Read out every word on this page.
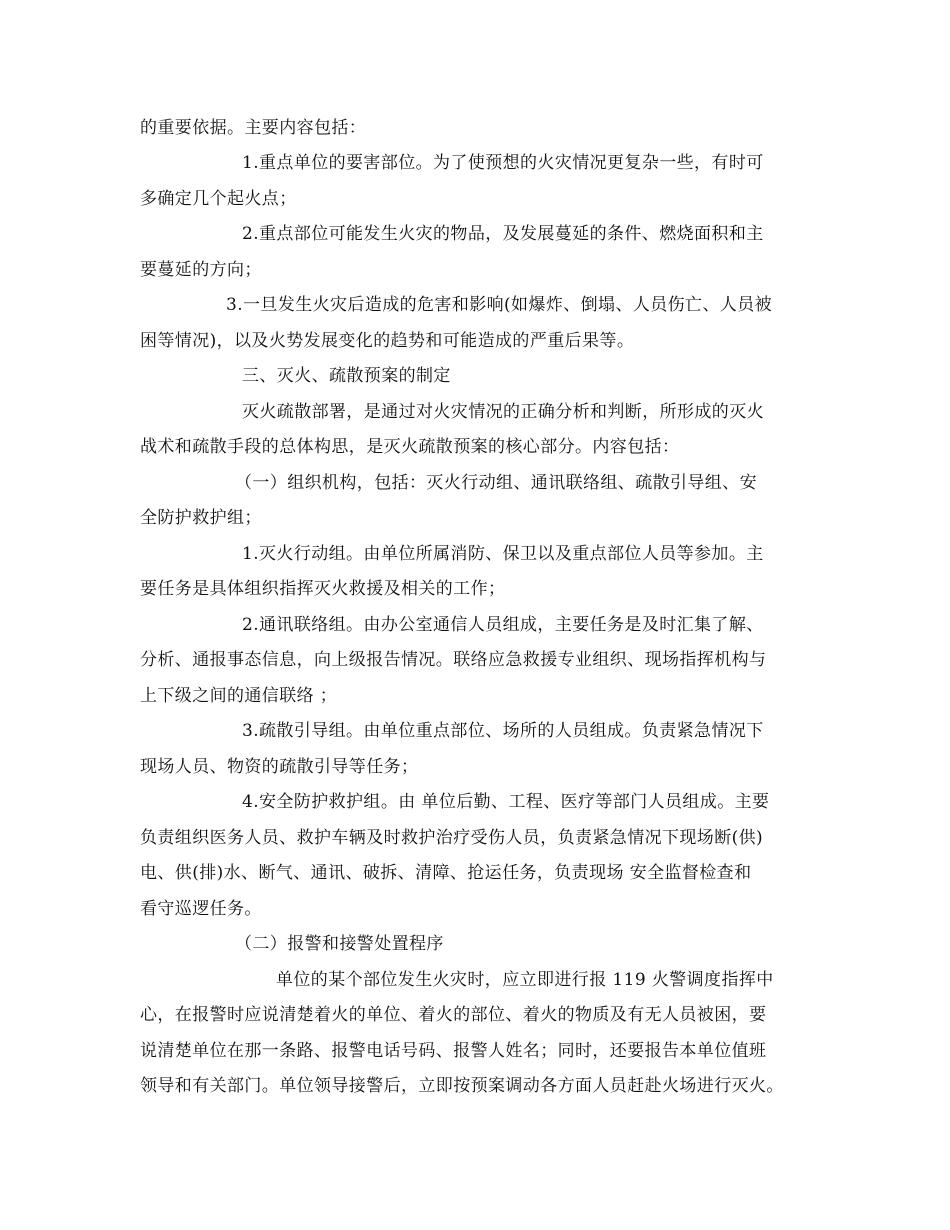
的重要依据。主要内容包括：
1.重点单位的要害部位。为了使预想的火灾情况更复杂一些，有时可
多确定几个起火点；
2.重点部位可能发生火灾的物品，及发展蔓延的条件、燃烧面积和主
要蔓延的方向；
3.一旦发生火灾后造成的危害和影响(如爆炸、倒塌、人员伤亡、人员被
困等情况)，以及火势发展变化的趋势和可能造成的严重后果等。
三、灭火、疏散预案的制定
灭火疏散部署，是通过对火灾情况的正确分析和判断，所形成的灭火
战术和疏散手段的总体构思，是灭火疏散预案的核心部分。内容包括：
（一）组织机构，包括：灭火行动组、通讯联络组、疏散引导组、安
全防护救护组；
1.灭火行动组。由单位所属消防、保卫以及重点部位人员等参加。主
要任务是具体组织指挥灭火救援及相关的工作；
2.通讯联络组。由办公室通信人员组成，主要任务是及时汇集了解、
分析、通报事态信息，向上级报告情况。联络应急救援专业组织、现场指挥机构与
上下级之间的通信联络 ；
3.疏散引导组。由单位重点部位、场所的人员组成。负责紧急情况下
现场人员、物资的疏散引导等任务；
4.安全防护救护组。由 单位后勤、工程、医疗等部门人员组成。主要
负责组织医务人员、救护车辆及时救护治疗受伤人员，负责紧急情况下现场断(供)
电、供(排)水、断气、通讯、破拆、清障、抢运任务，负责现场 安全监督检查和
看守巡逻任务。
（二）报警和接警处置程序
单位的某个部位发生火灾时，应立即进行报 119 火警调度指挥中
心，在报警时应说清楚着火的单位、着火的部位、着火的物质及有无人员被困，要
说清楚单位在那一条路、报警电话号码、报警人姓名；同时，还要报告本单位值班
领导和有关部门。单位领导接警后，立即按预案调动各方面人员赶赴火场进行灭火。
